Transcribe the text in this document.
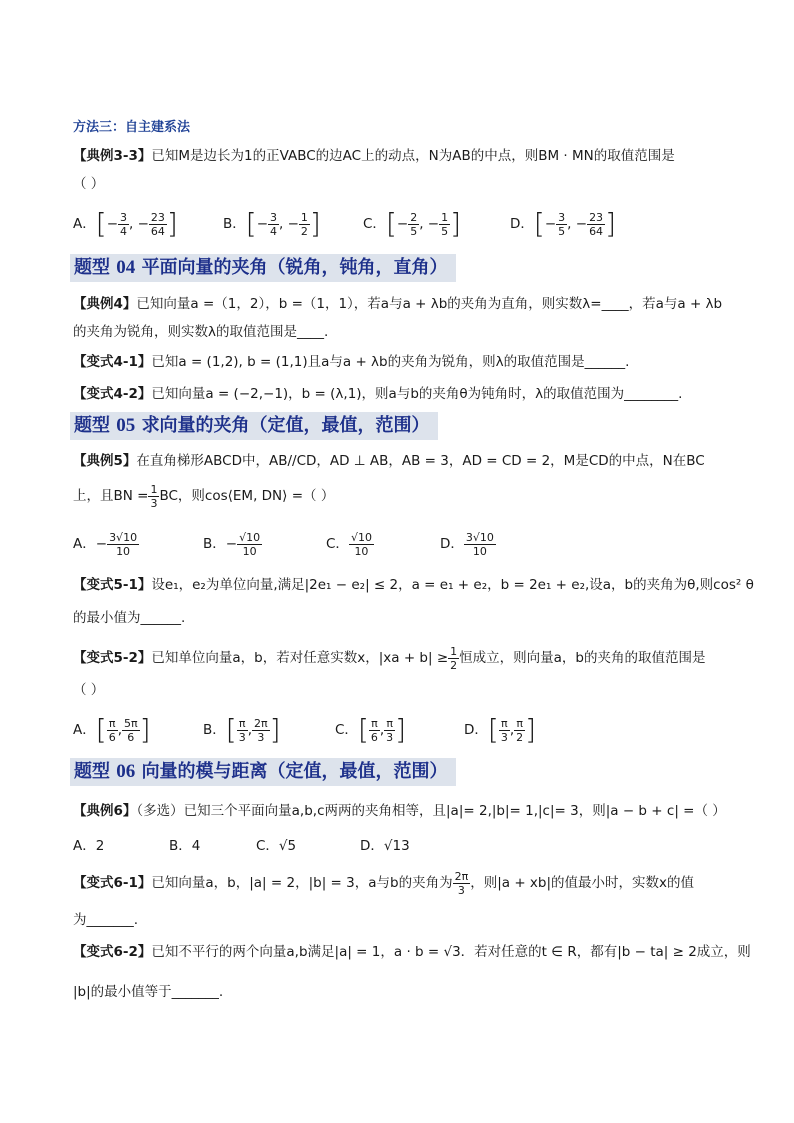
方法三：自主建系法
【典例3-3】已知M是边长为1的正VABC的边AC上的动点，N为AB的中点，则BM · MN的取值范围是
（ ）
A．[− $\frac{3}{4}$ , − $\frac{23}{64}$ ]	B．[− $\frac{3}{4}$ , − $\frac{1}{2}$ ]	C．[− $\frac{2}{5}$ , − $\frac{1}{5}$ ]	D．[− $\frac{3}{5}$ , − $\frac{23}{64}$ ]
题型 04 平面向量的夹角（锐角，钝角，直角）
【典例4】已知向量a =（1，2），b =（1，1），若a与a + λb的夹角为直角，则实数λ=____，若a与a + λb
的夹角为锐角，则实数λ的取值范围是____.
【变式4-1】已知a = (1,2), b = (1,1)且a与a + λb的夹角为锐角，则λ的取值范围是______.
【变式4-2】已知向量a = (−2,−1)，b = (λ,1)，则a与b的夹角θ为钝角时，λ的取值范围为________.
题型 05 求向量的夹角（定值，最值，范围）
【典例5】在直角梯形ABCD中，AB//CD，AD ⊥ AB，AB = 3，AD = CD = 2，M是CD的中点，N在BC
上，且BN = $\frac{1}{3}$ BC，则cos⟨EM, DN⟩ =（ ）
A．− $\frac{3√10}{10}$	B．− $\frac{√10}{10}$	C． $\frac{√10}{10}$	D． $\frac{3√10}{10}$
【变式5-1】设e₁，e₂为单位向量,满足|2e₁ − e₂| ≤ 2，a = e₁ + e₂，b = 2e₁ + e₂,设a，b的夹角为θ,则cos² θ
的最小值为______.
【变式5-2】已知单位向量a，b，若对任意实数x，$|xa + b| \ge \frac{1}{2}$ 恒成立，则向量a，b的夹角的取值范围是
（ ）
A．[ $\frac{\pi}{6}$ , $\frac{5\pi}{6}$ ]	B．[ $\frac{\pi}{3}$ , $\frac{2\pi}{3}$ ]	C．[ $\frac{\pi}{6}$ , $\frac{\pi}{3}$ ]	D．[ $\frac{\pi}{3}$ , $\frac{\pi}{2}$ ]
题型 06 向量的模与距离（定值，最值，范围）
【典例6】（多选）已知三个平面向量a,b,c两两的夹角相等，且|a|= 2,|b|= 1,|c|= 3，则|a − b + c| =（ ）
A．2	B．4	C．√5	D．√13
【变式6-1】已知向量a，b，|a| = 2，|b| = 3，a与b的夹角为 $\frac{2\pi}{3}$ ，则|a + xb|的值最小时，实数x的值
为_______.
【变式6-2】已知不平行的两个向量a,b满足|a| = 1，a · b = √3．若对任意的t ∈ R，都有|b − ta| ≥ 2成立，则
|b|的最小值等于_______.
